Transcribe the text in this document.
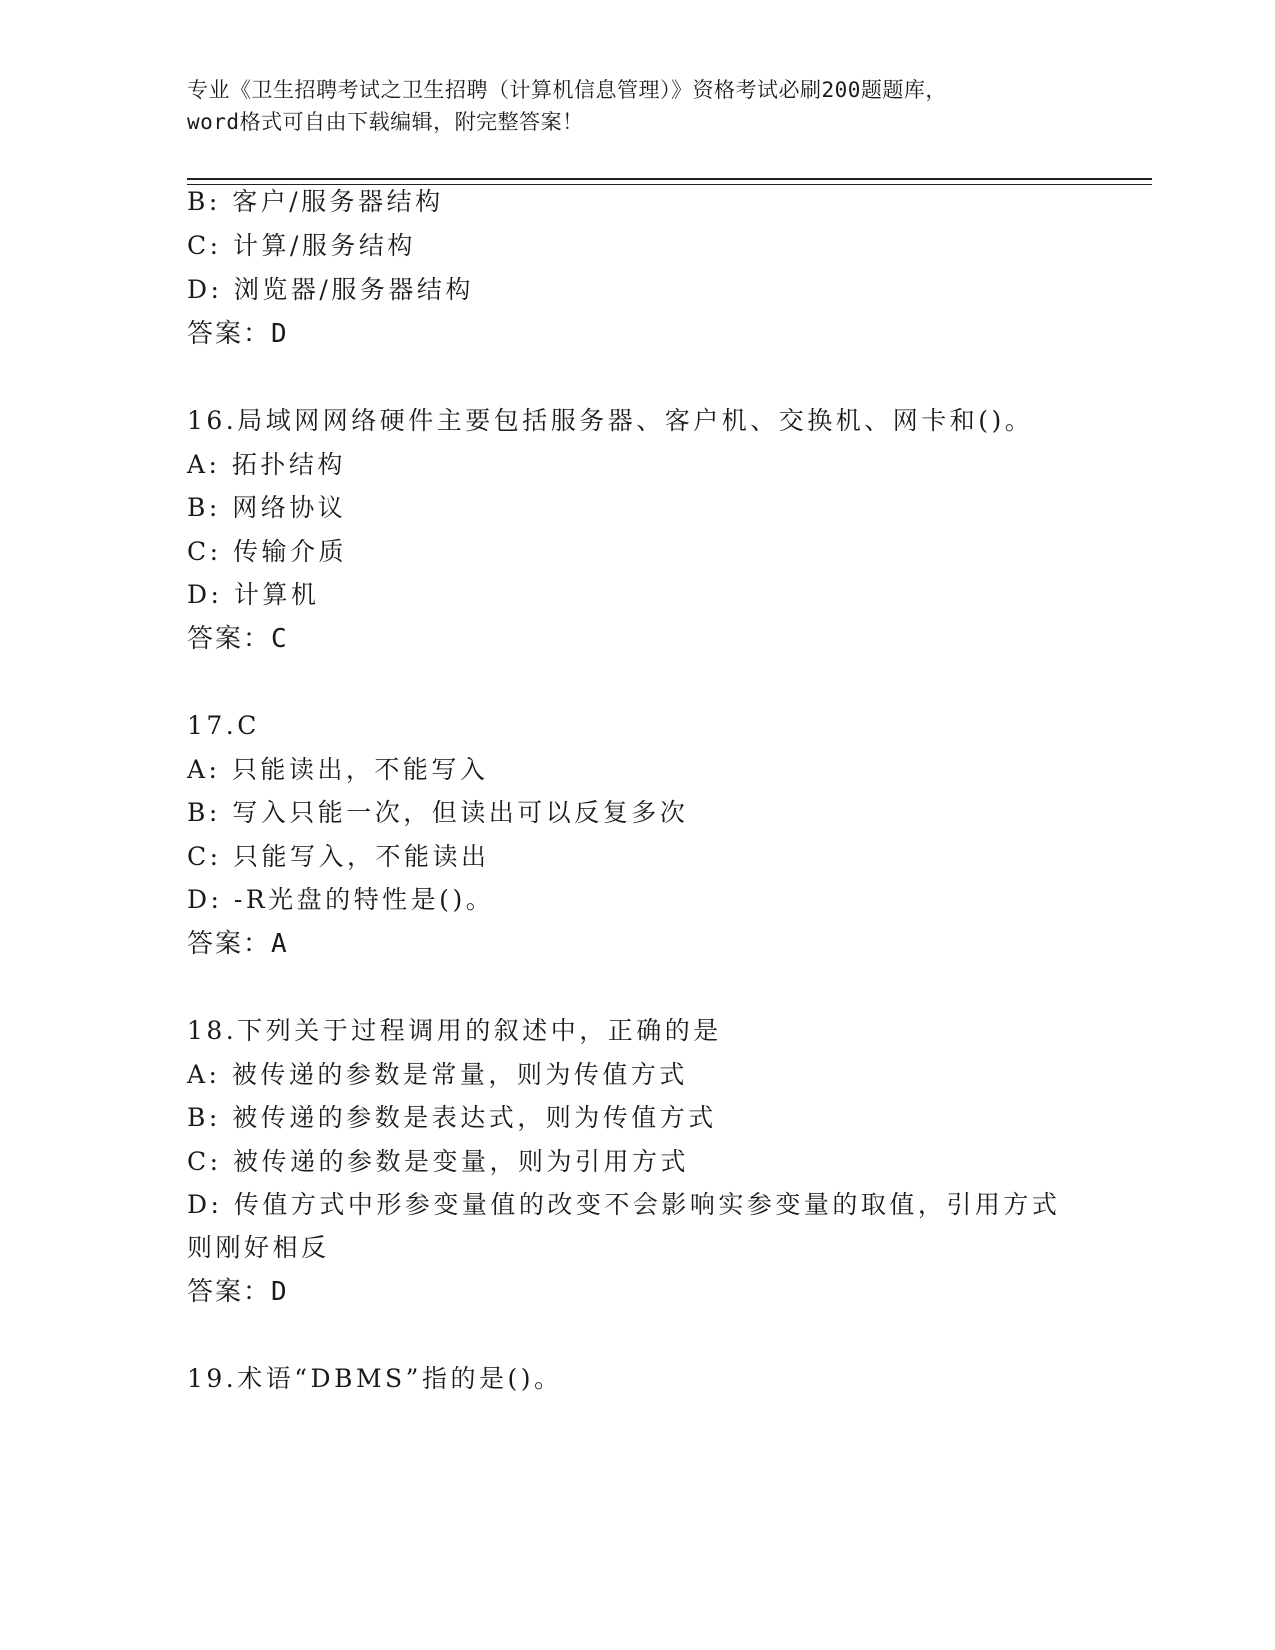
专业《卫生招聘考试之卫生招聘（计算机信息管理）》资格考试必刷200题题库，
word格式可自由下载编辑，附完整答案！
B: 客户/服务器结构
C: 计算/服务结构
D: 浏览器/服务器结构
答案：D
16.局域网网络硬件主要包括服务器、客户机、交换机、网卡和()。
A: 拓扑结构
B: 网络协议
C: 传输介质
D: 计算机
答案：C
17.C
A: 只能读出，不能写入
B: 写入只能一次，但读出可以反复多次
C: 只能写入，不能读出
D: -R光盘的特性是()。
答案：A
18.下列关于过程调用的叙述中，正确的是
A: 被传递的参数是常量，则为传值方式
B: 被传递的参数是表达式，则为传值方式
C: 被传递的参数是变量，则为引用方式
D: 传值方式中形参变量值的改变不会影响实参变量的取值，引用方式
则刚好相反
答案：D
19.术语“DBMS”指的是()。
